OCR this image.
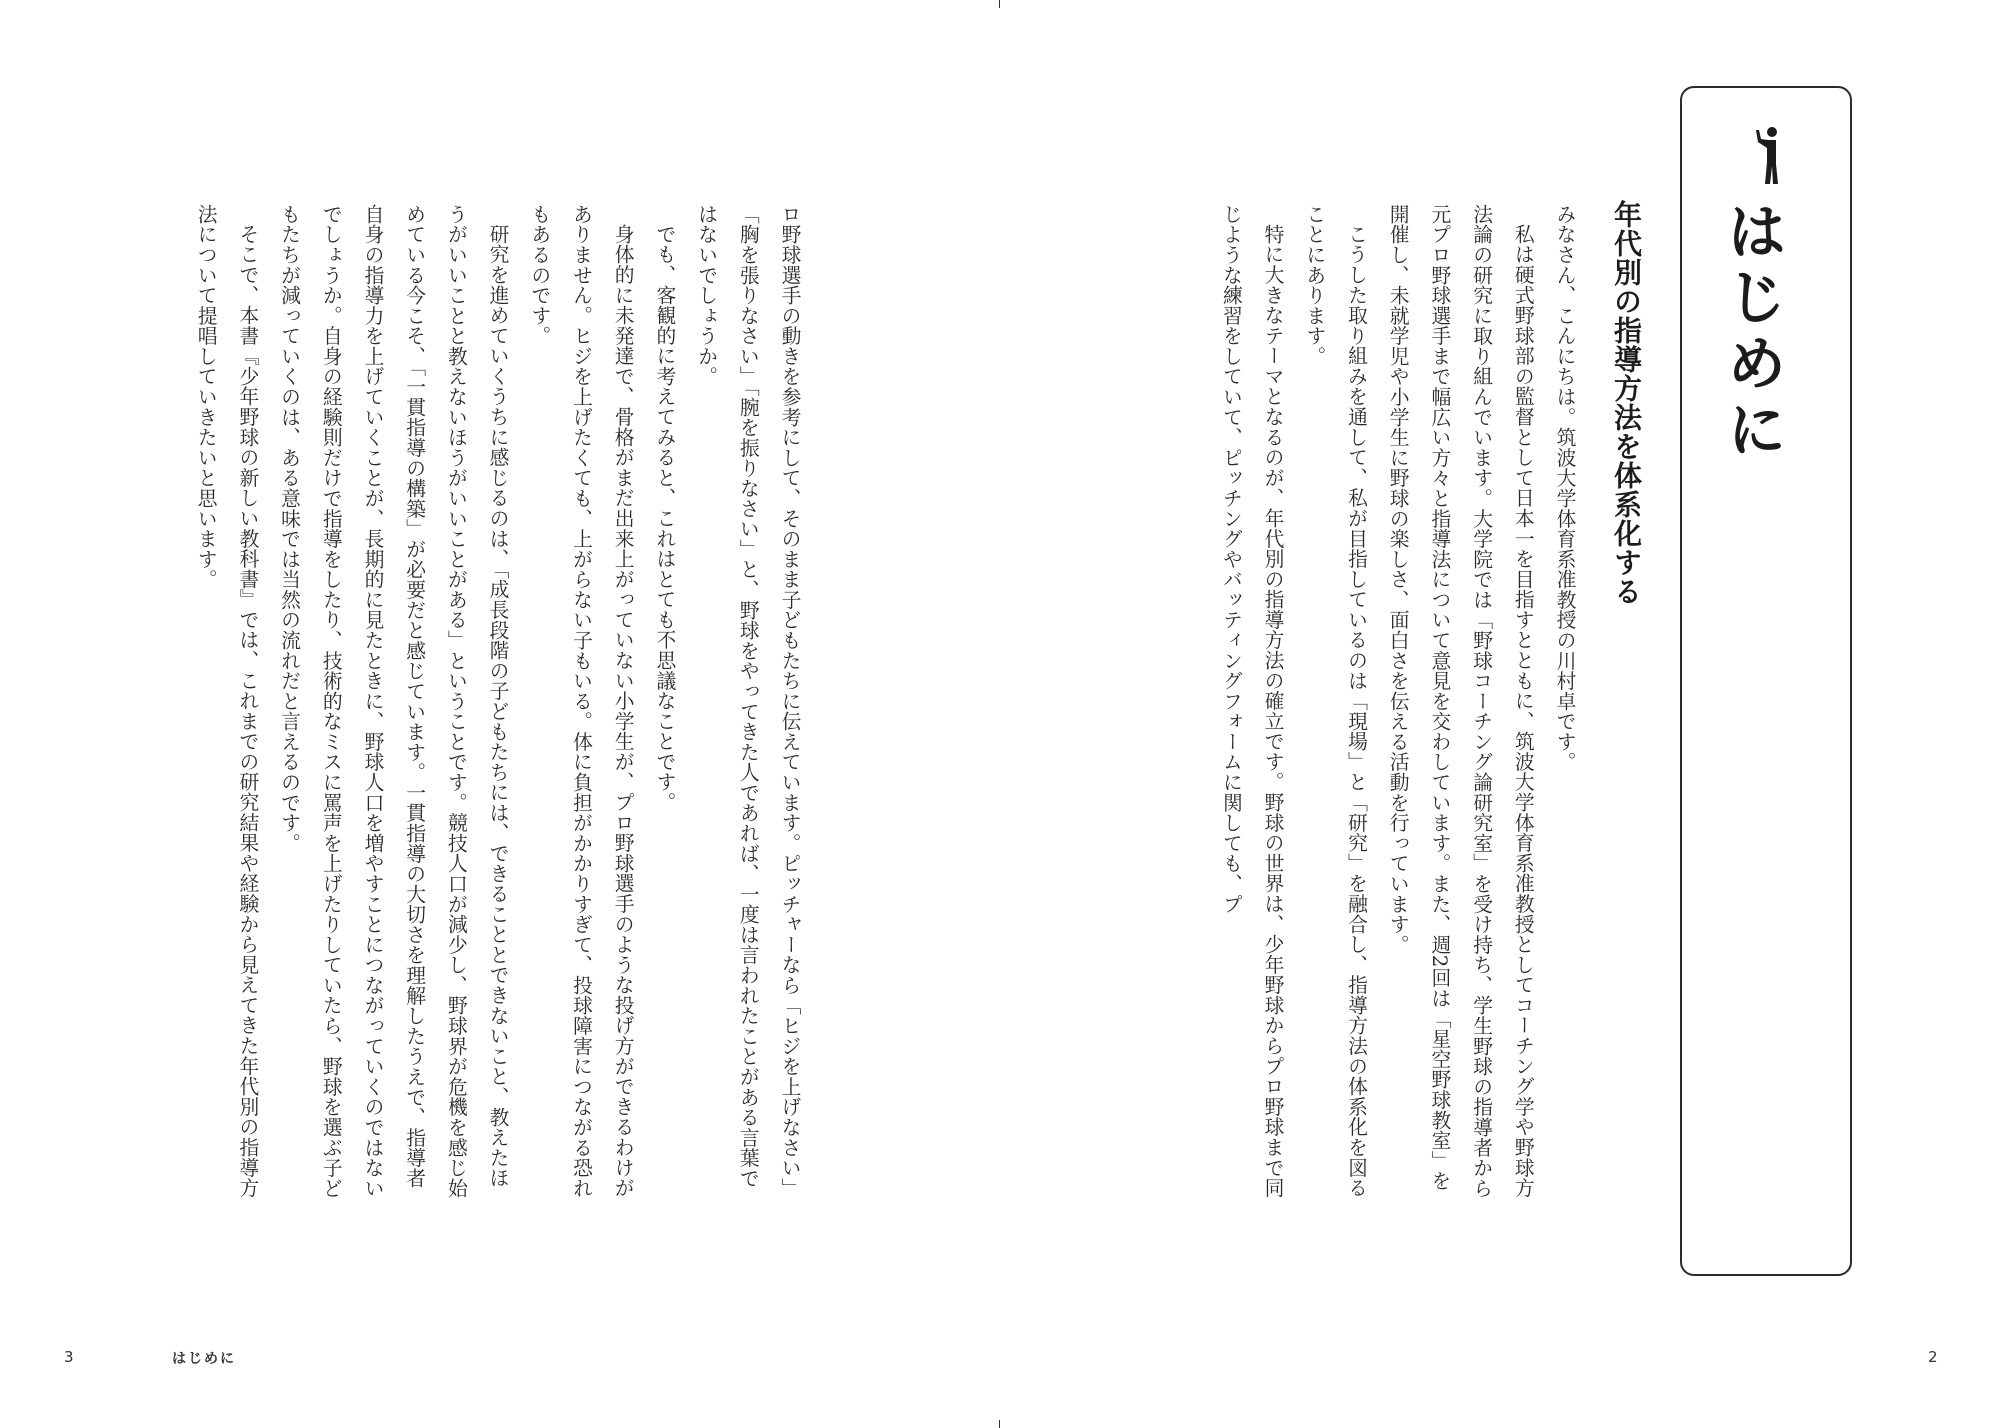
はじめに
年代別の指導方法を体系化する

みなさん、こんにちは。筑波大学体育系准教授の川村卓です。

私は硬式野球部の監督として日本一を目指すとともに、筑波大学体育系准教授としてコーチング学や野球方法論の研究に取り組んでいます。大学院では「野球コーチング論研究室」を受け持ち、学生野球の指導者から元プロ野球選手まで幅広い方々と指導法について意見を交わしています。また、週2回は「星空野球教室」を開催し、未就学児や小学生に野球の楽しさ、面白さを伝える活動を行っています。

こうした取り組みを通して、私が目指しているのは「現場」と「研究」を融合し、指導方法の体系化を図ることにあります。

特に大きなテーマとなるのが、年代別の指導方法の確立です。野球の世界は、少年野球からプロ野球まで同じような練習をしていて、ピッチングやバッティングフォームに関しても、プ

ロ野球選手の動きを参考にして、そのまま子どもたちに伝えています。ピッチャーなら「ヒジを上げなさい」「胸を張りなさい」「腕を振りなさい」と、野球をやってきた人であれば、一度は言われたことがある言葉ではないでしょうか。

でも、客観的に考えてみると、これはとても不思議なことです。

身体的に未発達で、骨格がまだ出来上がっていない小学生が、プロ野球選手のような投げ方ができるわけがありません。ヒジを上げたくても、上がらない子もいる。体に負担がかかりすぎて、投球障害につながる恐れもあるのです。

研究を進めていくうちに感じるのは、「成長段階の子どもたちには、できることとできないこと、教えたほうがいいことと教えないほうがいいことがある」ということです。競技人口が減少し、野球界が危機を感じ始めている今こそ、「一貫指導の構築」が必要だと感じています。一貫指導の大切さを理解したうえで、指導者自身の指導力を上げていくことが、長期的に見たときに、野球人口を増やすことにつながっていくのではないでしょうか。自身の経験則だけで指導をしたり、技術的なミスに罵声を上げたりしていたら、野球を選ぶ子どもたちが減っていくのは、ある意味では当然の流れだと言えるのです。

そこで、本書『少年野球の新しい教科書』では、これまでの研究結果や経験から見えてきた年代別の指導方法について提唱していきたいと思います。

3	はじめに	2
